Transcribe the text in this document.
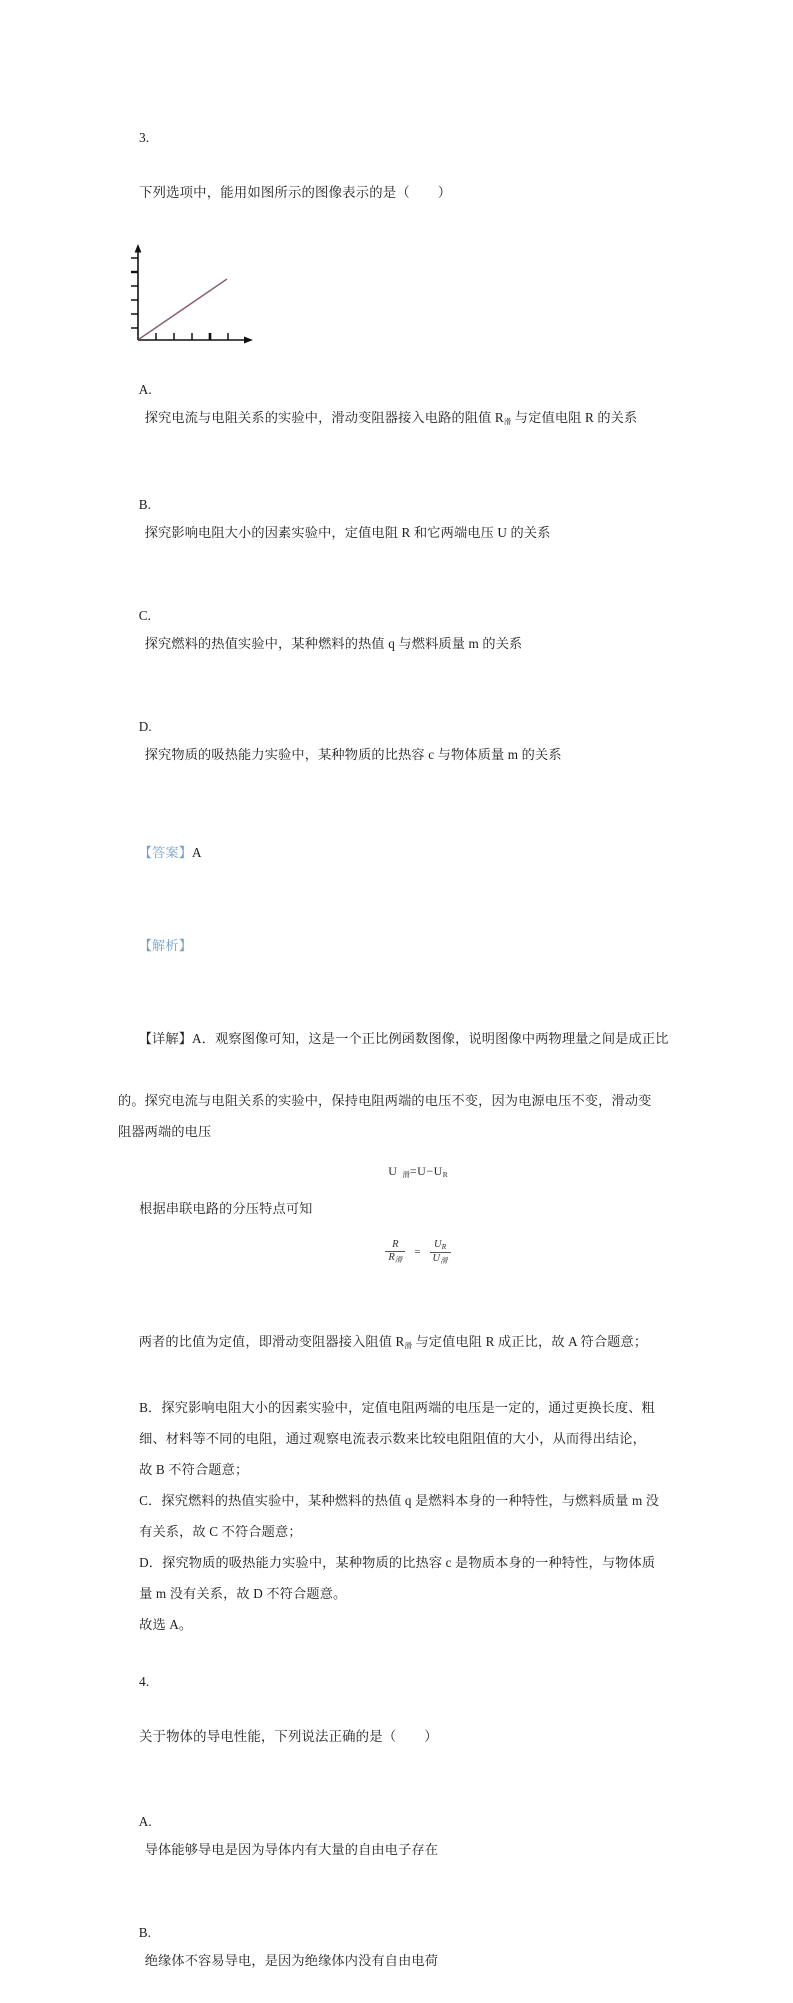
3.

下列选项中，能用如图所示的图像表示的是（        ）

A.
探究电流与电阻关系的实验中，滑动变阻器接入电路的阻值 $R_滑$ 与定值电阻 R 的关系

B.
探究影响电阻大小的因素实验中，定值电阻 R 和它两端电压 U 的关系

C.
探究燃料的热值实验中，某种燃料的热值 q 与燃料质量 m 的关系

D.
探究物质的吸热能力实验中，某种物质的比热容 c 与物体质量 m 的关系

【答案】A

【解析】

【详解】A．观察图像可知，这是一个正比例函数图像，说明图像中两物理量之间是成正比

的。探究电流与电阻关系的实验中，保持电阻两端的电压不变，因为电源电压不变，滑动变
阻器两端的电压
U $_滑=U-U_R$
根据串联电路的分压特点可知
$\frac{R}{R_滑} = \frac{U_R}{U_滑}$

两者的比值为定值，即滑动变阻器接入阻值 $R_滑$ 与定值电阻 R 成正比，故 A 符合题意；

B．探究影响电阻大小的因素实验中，定值电阻两端的电压是一定的，通过更换长度、粗
细、材料等不同的电阻，通过观察电流表示数来比较电阻阻值的大小，从而得出结论，
故 B 不符合题意；
C．探究燃料的热值实验中，某种燃料的热值 q 是燃料本身的一种特性，与燃料质量 m 没
有关系，故 C 不符合题意；
D．探究物质的吸热能力实验中，某种物质的比热容 c 是物质本身的一种特性，与物体质
量 m 没有关系，故 D 不符合题意。
故选 A。

4.

关于物体的导电性能，下列说法正确的是（        ）

A.
导体能够导电是因为导体内有大量的自由电子存在

B.
绝缘体不容易导电，是因为绝缘体内没有自由电荷
